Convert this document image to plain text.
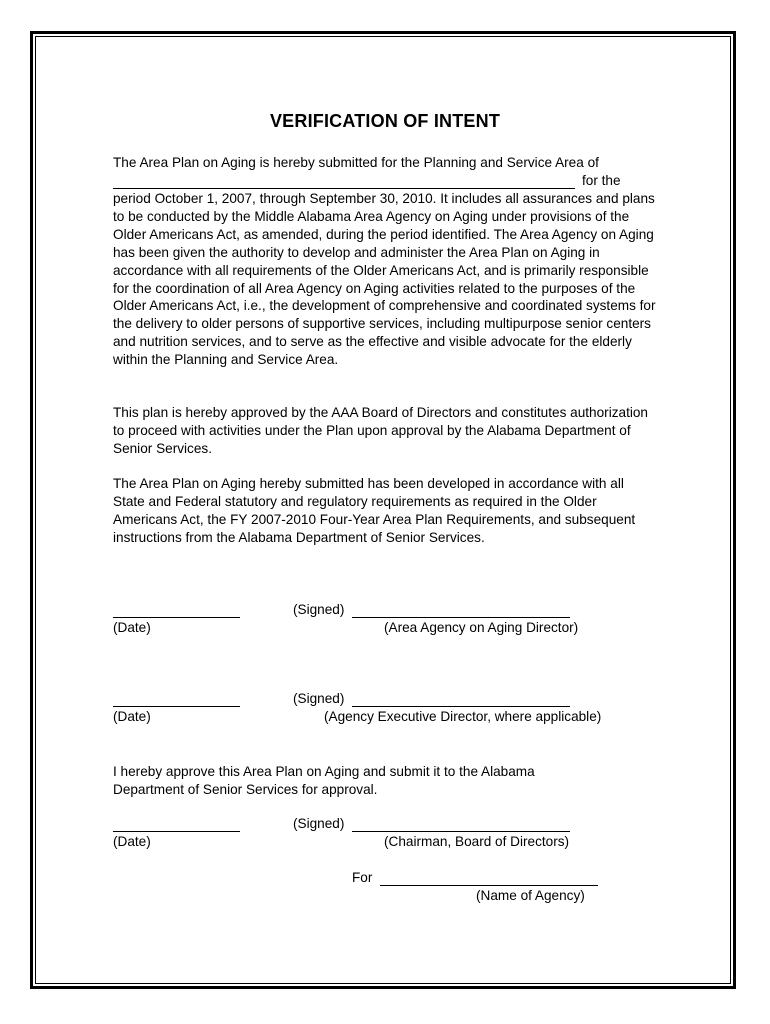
VERIFICATION OF INTENT
The Area Plan on Aging is hereby submitted for the Planning and Service Area of
for the

period October 1, 2007, through September 30, 2010. It includes all assurances and plans to be conducted by the Middle Alabama Area Agency on Aging under provisions of the Older Americans Act, as amended, during the period identified. The Area Agency on Aging has been given the authority to develop and administer the Area Plan on Aging in accordance with all requirements of the Older Americans Act, and is primarily responsible for the coordination of all Area Agency on Aging activities related to the purposes of the Older Americans Act, i.e., the development of comprehensive and coordinated systems for the delivery to older persons of supportive services, including multipurpose senior centers and nutrition services, and to serve as the effective and visible advocate for the elderly within the Planning and Service Area.

This plan is hereby approved by the AAA Board of Directors and constitutes authorization to proceed with activities under the Plan upon approval by the Alabama Department of Senior Services.

The Area Plan on Aging hereby submitted has been developed in accordance with all State and Federal statutory and regulatory requirements as required in the Older Americans Act, the FY 2007-2010 Four-Year Area Plan Requirements, and subsequent instructions from the Alabama Department of Senior Services.

(Date)
(Signed)
(Area Agency on Aging Director)
(Date)
(Signed)
(Agency Executive Director, where applicable)

I hereby approve this Area Plan on Aging and submit it to the Alabama Department of Senior Services for approval.

(Date)
(Signed)
(Chairman, Board of Directors)
For
(Name of Agency)
